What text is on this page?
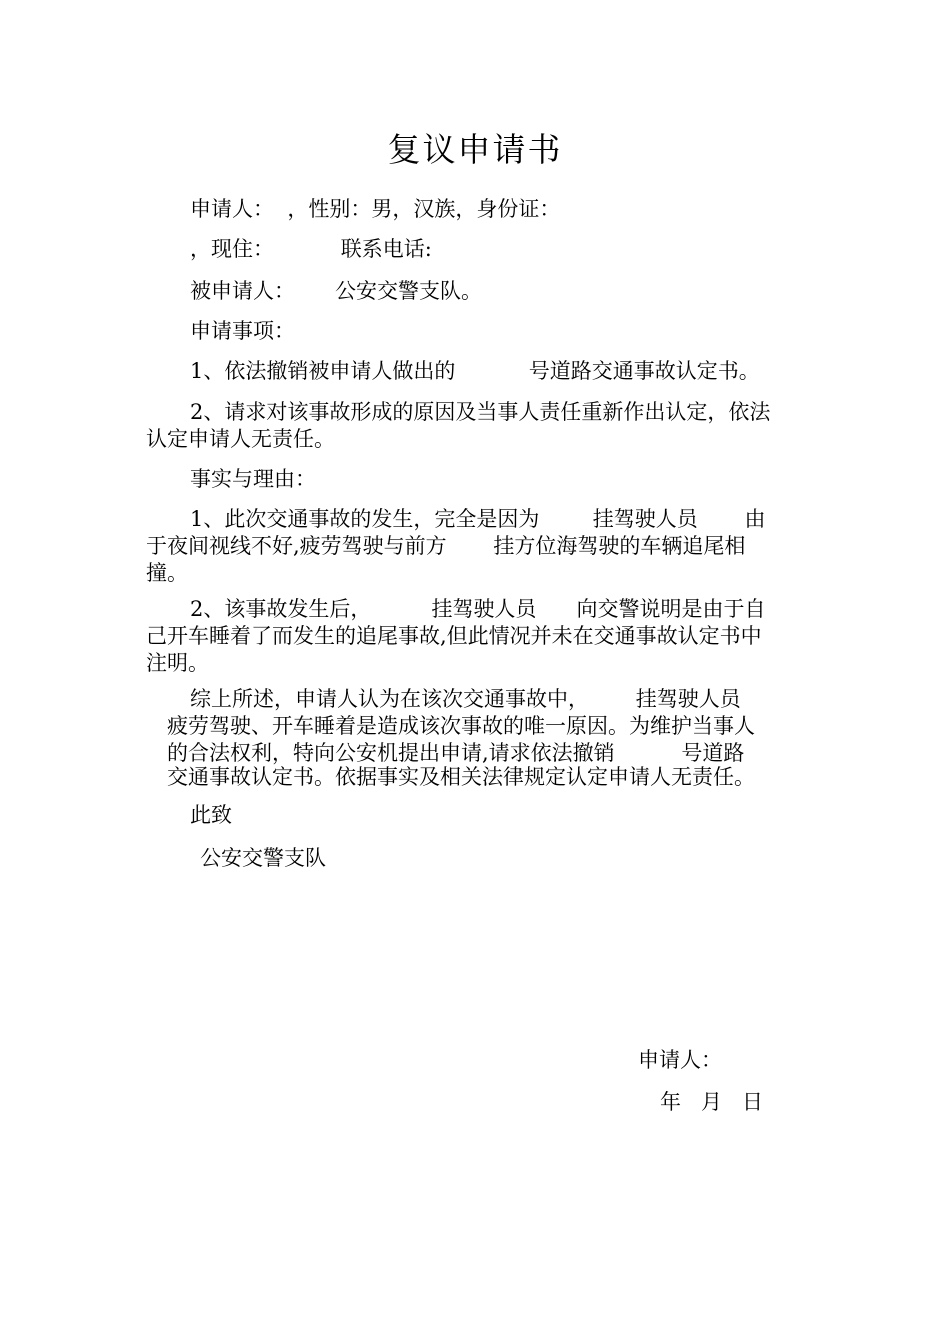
复议申请书
申请人：  ，性别：男，汉族，身份证：
，现住：          联系电话:
被申请人：      公安交警支队。
申请事项：
1、依法撤销被申请人做出的           号道路交通事故认定书。
2、请求对该事故形成的原因及当事人责任重新作出认定，依法
认定申请人无责任。
事实与理由：
1、此次交通事故的发生，完全是因为        挂驾驶人员       由
于夜间视线不好,疲劳驾驶与前方       挂方位海驾驶的车辆追尾相
撞。
2、该事故发生后，         挂驾驶人员      向交警说明是由于自
己开车睡着了而发生的追尾事故,但此情况并未在交通事故认定书中
注明。
综上所述，申请人认为在该次交通事故中，       挂驾驶人员
疲劳驾驶、开车睡着是造成该次事故的唯一原因。为维护当事人
的合法权利，特向公安机提出申请,请求依法撤销          号道路
交通事故认定书。依据事实及相关法律规定认定申请人无责任。
此致
公安交警支队
申请人：
年   月   日
